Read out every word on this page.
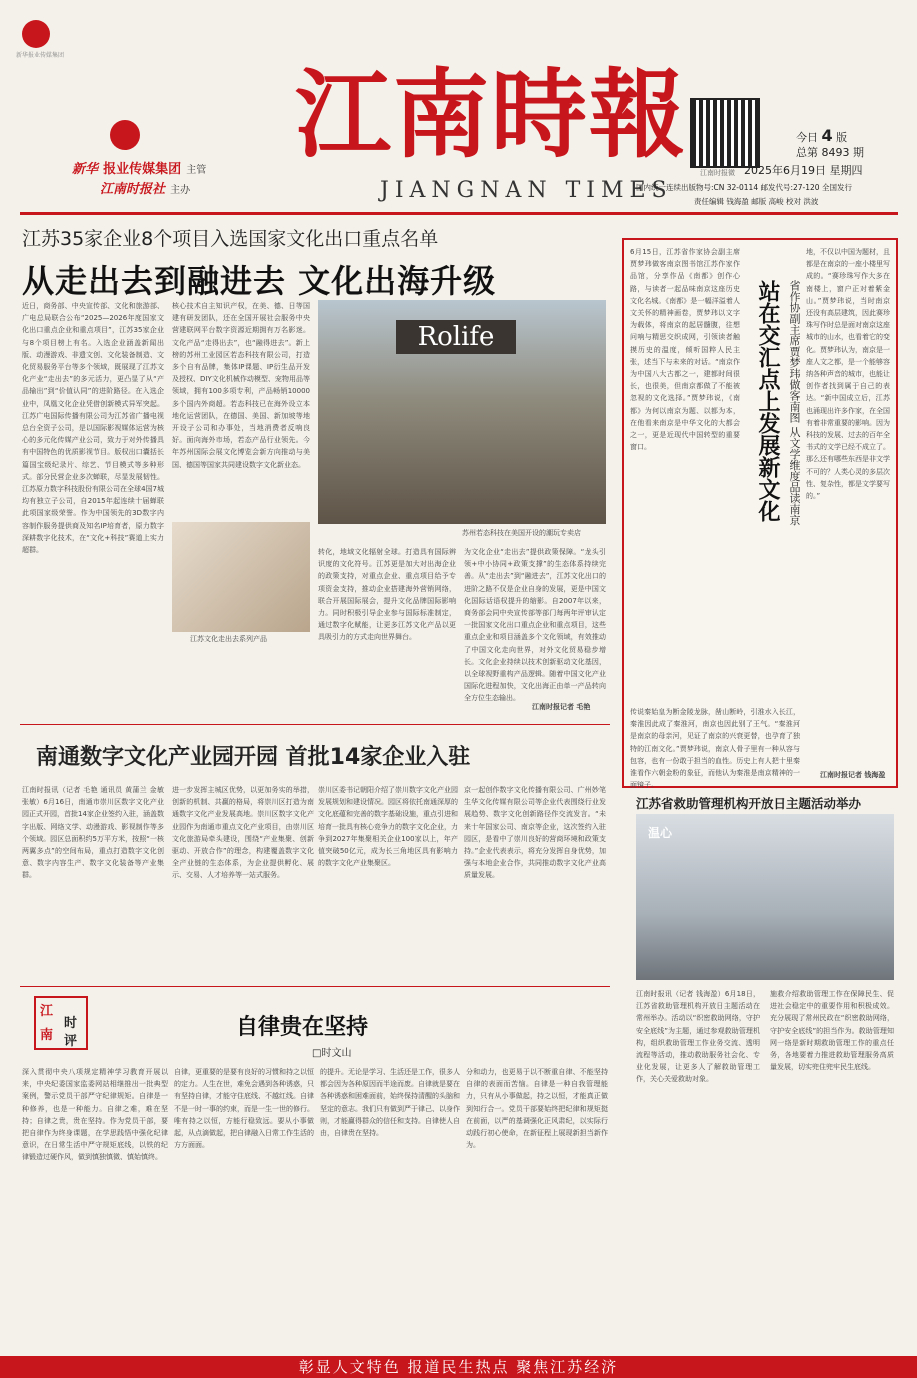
新华报业传媒集团
江南時報
JIANGNAN TIMES
新华 报业传媒集团 主管
江南时报社 主办
江南时报微
今日 4 版
总第 8493 期
2025年6月19日 星期四
国内统一连续出版物号:CN 32-0114 邮发代号:27-120 全国发行
责任编辑 钱海盈 邮版 高峻 校对 洪波
江苏35家企业8个项目入选国家文化出口重点名单
从走出去到融进去 文化出海升级
近日，商务部、中央宣传部、文化和旅游部、广电总局联合公布“2025—2026年度国家文化出口重点企业和重点项目”，江苏35家企业与8个项目榜上有名。入选企业涵盖新闻出版、动漫游戏、非遗文创、文化装备制造、文化贸易服务平台等多个领域，既展现了江苏文化产业“走出去”的多元活力，更凸显了从“产品输出”到“价值认同”的进阶路径。在入选企业中，凤凰文化企业凭借创新模式异军突起。江苏广电国际传播有限公司为江苏省广播电视总台全资子公司，是以国际影视媒体运营为核心的多元化传媒产业公司，致力于对外传播具有中国特色的优质影视节目。版权出口囊括长篇国宝级纪录片、综艺、节目模式等多种形式。部分民营企业多次蝉联，尽显发展韧性。江苏原力数字科技股份有限公司在全球4国7城均有独立子公司，自2015年起连续十届蝉联此项国家级荣誉。作为中国领先的3D数字内容制作服务提供商及知名IP培育者，原力数字深耕数字化技术，在“文化+科技”赛道上实力超群。
核心技术自主知识产权，在美、德、日等国建有研发团队，还在全国开展社会服务中央营建联网平台数字资源近期拥有万名影迷。文化产品“走得出去”，也“融得进去”。新上榜的苏州工业园区若态科技有限公司，打造多个自有品牌，集体IP课题、IP衍生品开发及授权、DIY文化机械作动模型、宠物用品等领域，拥有100多项专利，产品畅销10000多个国内外商超。若态科技已在海外设立本地化运营团队，在德国、美国、新加坡等地开设子公司和办事处，当地消费者反响良好。面向海外市场，若态产品行业领先。今年苏州国际会展文化博览会新方向推动与美国、德国等国家共同建设数字文化新业态。
Rolife
苏州若态科技在美国开设的潮玩专卖店
江苏文化走出去系列产品
转化，地域文化辐射全球。打造具有国际辨识度的文化符号。江苏更是加大对出海企业的政策支持，对重点企业、重点项目给予专项资金支持，推动企业搭建海外营销网络，联合开展国际展会，提升文化品牌国际影响力。同时积极引导企业参与国际标准制定，通过数字化赋能，让更多江苏文化产品以更具吸引力的方式走向世界舞台。
为文化企业“走出去”提供政策保障。“龙头引领+中小协同+政策支撑”的生态体系持续完善。从“走出去”到“融进去”，江苏文化出口的进阶之路不仅是企业自身的发展，更是中国文化国际话语权提升的缩影。自2007年以来，商务部会同中央宣传部等部门每两年评审认定一批国家文化出口重点企业和重点项目，这些重点企业和项目涵盖多个文化领域，有效推动了中国文化走向世界，对外文化贸易稳步增长。文化企业持续以技术创新驱动文化基因，以全球视野重构产品逻辑。随着中国文化产业国际化进程加快，文化出海正由单一产品转向全方位生态输出。
江南时报记者 毛艳
6月15日，江苏省作家协会副主席贾梦玮做客南京图书馆江苏作家作品馆，分享作品《南都》创作心路，与读者一起品味南京这座历史文化名城。《南都》是一幅洋溢着人文关怀的精神画卷，贾梦玮以文字为载体，将南京的起居髓腹，往想问响与精思交织成网，引领读者触摸历史的温度，倾听国粹人民主张，述当下与未来的对话。“南京作为中国八大古都之一，建都时间很长，也很美，但南京都做了不能被忽视的文化选择。”贾梦玮说，《南都》为何以南京为题、以都为本，在他看来南京是中华文化的大都会之一，更是近现代中国转型的重要窗口。	站在交汇点上发展新文化 省作协副主席贾梦玮做客南图 从文学维度品读南京
地，不仅以中国为题材，且都是在南京的一座小楼里写成的。“赛珍珠写作大多在南楼上，窗户正对着紫金山。”贾梦玮说，当时南京还没有高层建筑，因此赛珍珠写作时总是面对南京这座城市的山水，也看着它的变化。贾梦玮认为，南京是一座人文之都，是一个能够容纳各种声音的城市，也能让创作者找到属于自己的表达。“新中国成立后，江苏也涌现出许多作家，在全国有着非常重要的影响。因为科技的发展、过去的百年全书式的文学已经不成立了。那么还有哪些东西是非文学不可的？人类心灵的多层次性、复杂性，都是文学要写的。”
传说秦始皇为断金陵龙脉，凿山断岭，引淮水入长江，秦淮因此成了秦淮河，南京也因此别了王气。“秦淮河是南京的母亲河，见证了南京的兴衰更替，也孕育了独特的江南文化。”贾梦玮说，南京人骨子里有一种从容与包容，也有一份敢于担当的血性。历史上有人把十里秦淮看作六朝金粉的象征，而他认为秦淮是南京精神的一面镜子。
江南时报记者 钱海盈
南通数字文化产业园开园 首批14家企业入驻
江南时报讯（记者 毛艳 通讯员 黄蒲兰 金敏 张敏）6月16日，南通市崇川区数字文化产业园正式开园，首批14家企业签约入驻，涵盖数字出版、网络文学、动漫游戏、影视制作等多个领域。园区总面积约5万平方米，按照“一核两翼多点”的空间布局，重点打造数字文化创意、数字内容生产、数字文化装备等产业集群。
进一步发挥主城区优势，以更加务实的举措，创新的机制、共赢的格局，将崇川区打造为南通数字文化产业发展高地。崇川区数字文化产业园作为南通市重点文化产业项目，由崇川区文化旅游局牵头建设，围绕“产业集聚、创新驱动、开放合作”的理念，构建覆盖数字文化全产业链的生态体系，为企业提供孵化、展示、交易、人才培养等一站式服务。
崇川区委书记朝阳介绍了崇川数字文化产业园发展规划和建设情况。园区将依托南通深厚的文化底蕴和完善的数字基础设施，重点引进和培育一批具有核心竞争力的数字文化企业，力争到2027年集聚相关企业100家以上，年产值突破50亿元，成为长三角地区具有影响力的数字文化产业集聚区。
京一起创作数字文化传播有限公司、广州妙笔生华文化传媒有限公司等企业代表围绕行业发展趋势、数字文化创新路径作交流发言。“未来十年国家公司、南京等企业，这次签约入驻园区，是看中了崇川良好的营商环境和政策支持。”企业代表表示，将充分发挥自身优势，加强与本地企业合作，共同推动数字文化产业高质量发展。
江苏省救助管理机构开放日主题活动举办
温心
江南时报讯（记者 钱海盈）6月18日，江苏省救助管理机构开放日主题活动在常州举办。活动以“织密救助网络，守护安全底线”为主题，通过参观救助管理机构，组织救助管理工作业务交流、透明流程等活动，推动救助服务社会化、专业化发展，让更多人了解救助管理工作，关心关爱救助对象。
施救介绍救助管理工作在保障民生、促进社会稳定中的重要作用和积极成效。充分展现了常州民政在“织密救助网络，守护安全底线”的担当作为。救助管理知网一络是新时期救助管理工作的重点任务，各地要着力推进救助管理服务高质量发展，切实兜住兜牢民生底线。
江
南
时
评
自律贵在坚持
□时文山
深入贯彻中央八项规定精神学习教育开展以来，中央纪委国家监委网站相继推出一批典型案例，警示党员干部严守纪律规矩。自律是一种修养，也是一种能力。自律之难，难在坚持；自律之贵，贵在坚持。作为党员干部，要把自律作为终身课题，在学思践悟中强化纪律意识，在日常生活中严守规矩底线，以铁的纪律锻造过硬作风，做到慎独慎微、慎始慎终。
自律，更重要的是要有良好的习惯和持之以恒的定力。人生在世，难免会遇到各种诱惑，只有坚持自律，才能守住底线、不越红线。自律不是一时一事的约束，而是一生一世的修行。唯有持之以恒，方能行稳致远。要从小事做起，从点滴做起，把自律融入日常工作生活的方方面面。
的提升。无论是学习、生活还是工作，很多人都会因为各种原因而半途而废。自律就是要在各种诱惑和困难面前，始终保持清醒的头脑和坚定的意志。我们只有做到严于律己、以身作则，才能赢得群众的信任和支持。自律使人自由，自律贵在坚持。
分和动力，也更易于以不断重自律、不能坚持自律的表面而苦恼。自律是一种自我管理能力，只有从小事做起，持之以恒，才能真正做到知行合一。党员干部要始终把纪律和规矩挺在前面，以严的基调强化正风肃纪，以实际行动践行初心使命，在新征程上展现新担当新作为。
彰显人文特色 报道民生热点 聚焦江苏经济
